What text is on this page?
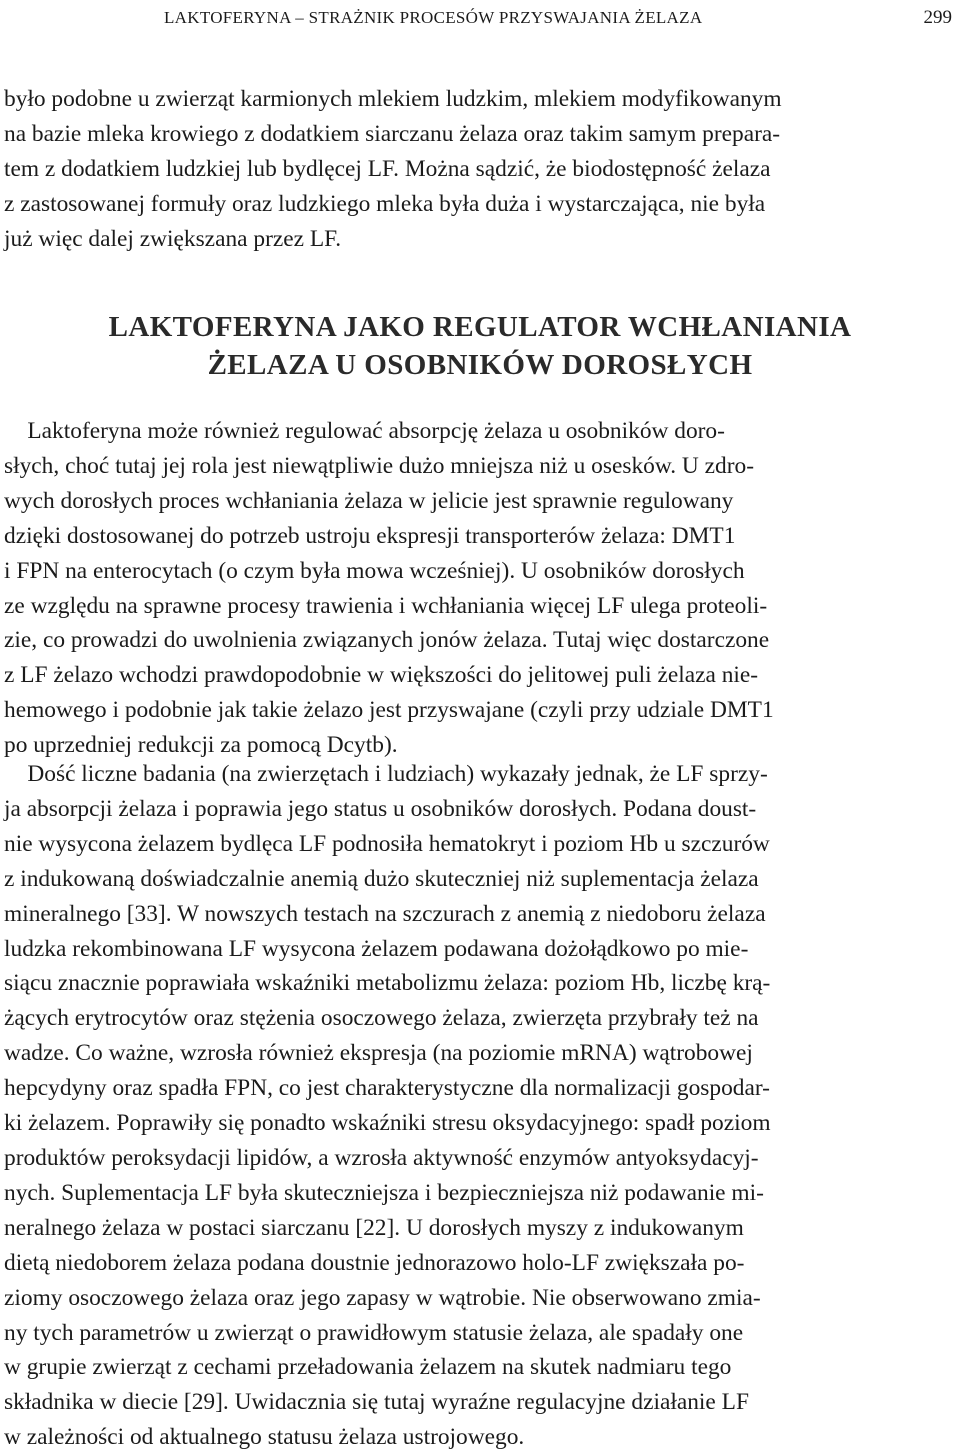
LAKTOFERYNA – STRAŻNIK PROCESÓW PRZYSWAJANIA ŻELAZA	299

było podobne u zwierząt karmionych mlekiem ludzkim, mlekiem modyfikowanym
na bazie mleka krowiego z dodatkiem siarczanu żelaza oraz takim samym prepara-
tem z dodatkiem ludzkiej lub bydlęcej LF. Można sądzić, że biodostępność żelaza
z zastosowanej formuły oraz ludzkiego mleka była duża i wystarczająca, nie była
już więc dalej zwiększana przez LF.

LAKTOFERYNA JAKO REGULATOR WCHŁANIANIA
ŻELAZA U OSOBNIKÓW DOROSŁYCH

Laktoferyna może również regulować absorpcję żelaza u osobników doro-
słych, choć tutaj jej rola jest niewątpliwie dużo mniejsza niż u osesków. U zdro-
wych dorosłych proces wchłaniania żelaza w jelicie jest sprawnie regulowany
dzięki dostosowanej do potrzeb ustroju ekspresji transporterów żelaza: DMT1
i FPN na enterocytach (o czym była mowa wcześniej). U osobników dorosłych
ze względu na sprawne procesy trawienia i wchłaniania więcej LF ulega proteoli-
zie, co prowadzi do uwolnienia związanych jonów żelaza. Tutaj więc dostarczone
z LF żelazo wchodzi prawdopodobnie w większości do jelitowej puli żelaza nie-
hemowego i podobnie jak takie żelazo jest przyswajane (czyli przy udziale DMT1
po uprzedniej redukcji za pomocą Dcytb).

Dość liczne badania (na zwierzętach i ludziach) wykazały jednak, że LF sprzy-
ja absorpcji żelaza i poprawia jego status u osobników dorosłych. Podana doust-
nie wysycona żelazem bydlęca LF podnosiła hematokryt i poziom Hb u szczurów
z indukowaną doświadczalnie anemią dużo skuteczniej niż suplementacja żelaza
mineralnego [33]. W nowszych testach na szczurach z anemią z niedoboru żelaza
ludzka rekombinowana LF wysycona żelazem podawana dożołądkowo po mie-
siącu znacznie poprawiała wskaźniki metabolizmu żelaza: poziom Hb, liczbę krą-
żących erytrocytów oraz stężenia osoczowego żelaza, zwierzęta przybrały też na
wadze. Co ważne, wzrosła również ekspresja (na poziomie mRNA) wątrobowej
hepcydyny oraz spadła FPN, co jest charakterystyczne dla normalizacji gospodar-
ki żelazem. Poprawiły się ponadto wskaźniki stresu oksydacyjnego: spadł poziom
produktów peroksydacji lipidów, a wzrosła aktywność enzymów antyoksydacyj-
nych. Suplementacja LF była skuteczniejsza i bezpieczniejsza niż podawanie mi-
neralnego żelaza w postaci siarczanu [22]. U dorosłych myszy z indukowanym
dietą niedoborem żelaza podana doustnie jednorazowo holo-LF zwiększała po-
ziomy osoczowego żelaza oraz jego zapasy w wątrobie. Nie obserwowano zmia-
ny tych parametrów u zwierząt o prawidłowym statusie żelaza, ale spadały one
w grupie zwierząt z cechami przeładowania żelazem na skutek nadmiaru tego
składnika w diecie [29]. Uwidacznia się tutaj wyraźne regulacyjne działanie LF
w zależności od aktualnego statusu żelaza ustrojowego.
